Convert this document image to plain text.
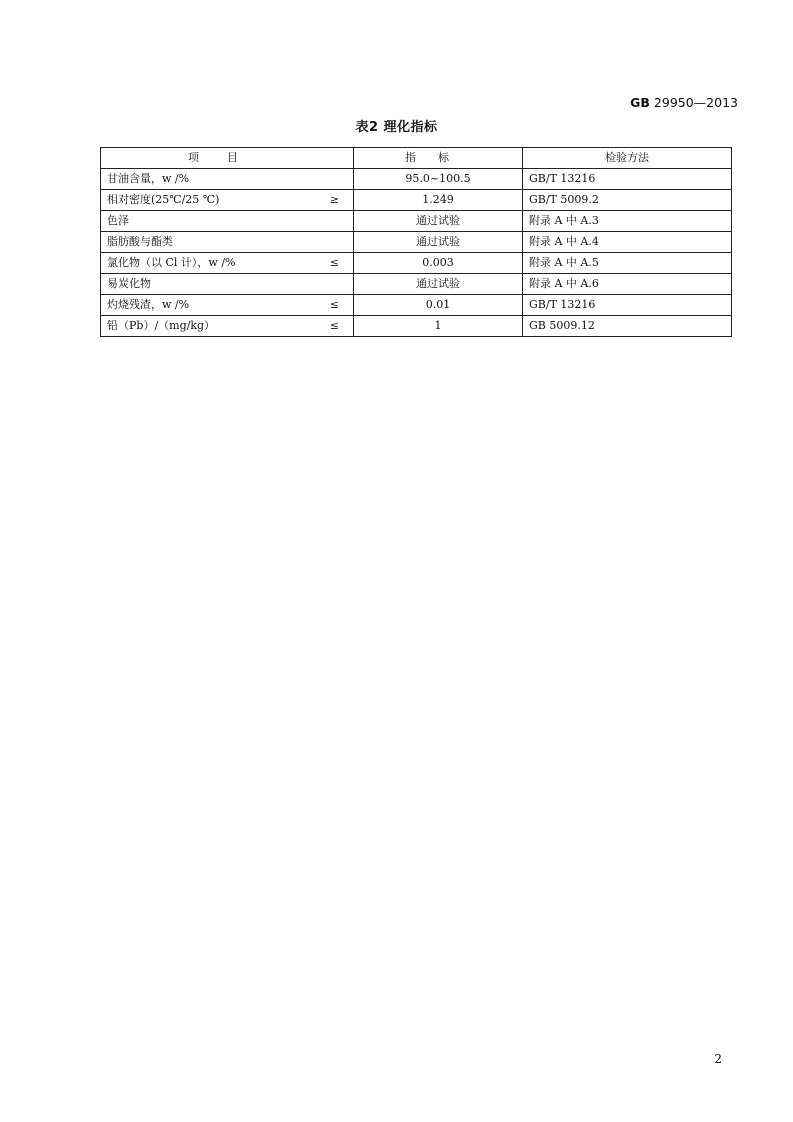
GB 29950—2013
表2 理化指标
项目	指标	检验方法
甘油含量，w /%	95.0~100.5	GB/T 13216
相对密度(25℃/25 ℃) ≥	1.249	GB/T 5009.2
色泽	通过试验	附录 A 中 A.3
脂肪酸与酯类	通过试验	附录 A 中 A.4
氯化物（以 Cl 计），w /% ≤	0.003	附录 A 中 A.5
易炭化物	通过试验	附录 A 中 A.6
灼烧残渣，w /% ≤	0.01	GB/T 13216
铅（Pb）/（mg/kg） ≤	1	GB 5009.12
2
